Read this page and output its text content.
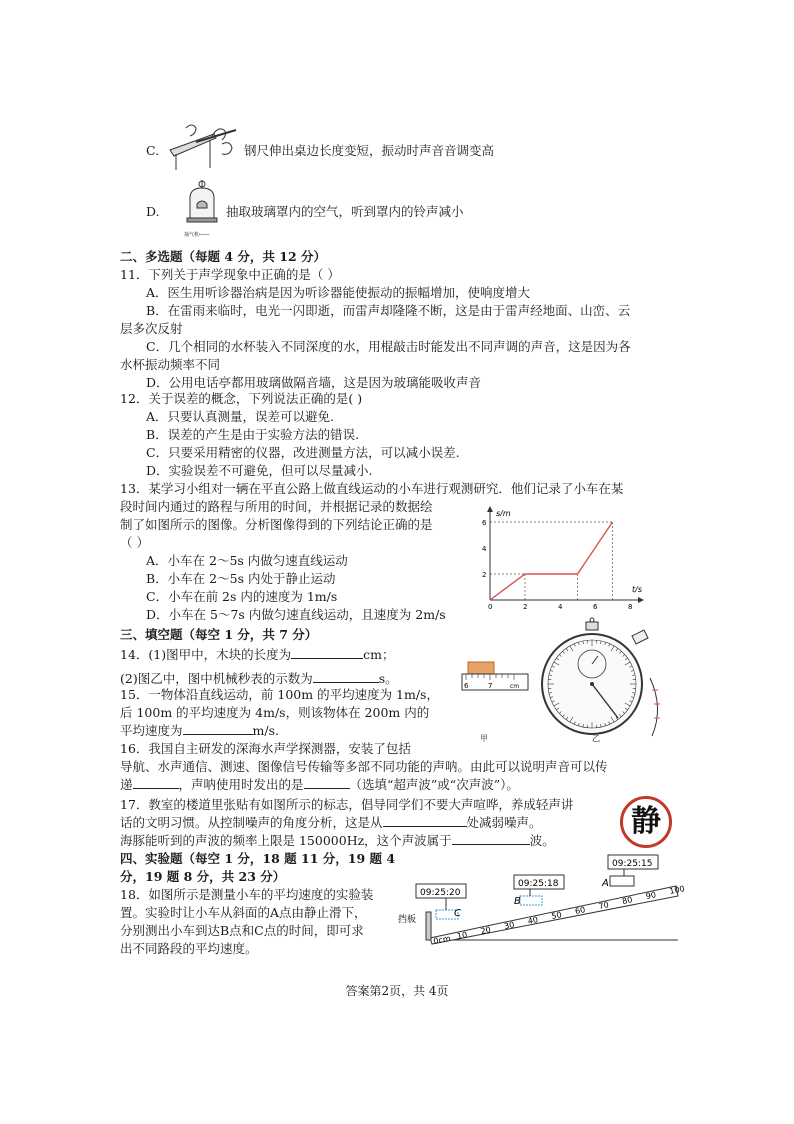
C.	钢尺伸出桌边长度变短，振动时声音音调变高
D.
抽气机←──
抽取玻璃罩内的空气，听到罩内的铃声减小
二、多选题（每题 4 分，共 12 分）
11．下列关于声学现象中正确的是（ ）
A．医生用听诊器治病是因为听诊器能使振动的振幅增加，使响度增大
B．在雷雨来临时，电光一闪即逝，而雷声却隆隆不断，这是由于雷声经地面、山峦、云
层多次反射
C．几个相同的水杯装入不同深度的水，用棍敲击时能发出不同声调的声音，这是因为各
水杯振动频率不同
D．公用电话亭都用玻璃做隔音墙，这是因为玻璃能吸收声音
12．关于误差的概念，下列说法正确的是( )
A．只要认真测量，误差可以避免.
B．误差的产生是由于实验方法的错误.
C．只要采用精密的仪器，改进测量方法，可以减小误差.
D．实验误差不可避免，但可以尽量减小.
13．某学习小组对一辆在平直公路上做直线运动的小车进行观测研究．他们记录了小车在某
段时间内通过的路程与所用的时间，并根据记录的数据绘
制了如图所示的图像。分析图像得到的下列结论正确的是
（ ）
A．小车在 2～5s 内做匀速直线运动
B．小车在 2～5s 内处于静止运动
C．小车在前 2s 内的速度为 1m/s
D．小车在 5～7s 内做匀速直线运动，且速度为 2m/s
s/m
t/s
0	2	4	6	8
2
4
6
三、填空题（每空 1 分，共 7 分）
14．(1)图甲中，木块的长度为	cm；
(2)图乙中，图中机械秒表的示数为	s。	6	7	cm
甲	乙
15．一物体沿直线运动，前 100m 的平均速度为 1m/s，
后 100m 的平均速度为 4m/s，则该物体在 200m 内的
平均速度为	m/s.
16．我国自主研发的深海水声学探测器，安装了包括
导航、水声通信、测速、图像信号传输等多部不同功能的声呐。由此可以说明声音可以传
递	，声呐使用时发出的是	（选填“超声波”或“次声波”）。
17．教室的楼道里张贴有如图所示的标志，倡导同学们不要大声喧哗，养成轻声讲
话的文明习惯。从控制噪声的角度分析，这是从	处减弱噪声。
海豚能听到的声波的频率上限是 150000Hz，这个声波属于	波。
静
四、实验题（每空 1 分，18 题 11 分，19 题 4
分，19 题 8 分，共 23 分）
18．如图所示是测量小车的平均速度的实验装
置。实验时让小车从斜面的A点由静止滑下，
分别测出小车到达B点和C点的时间，即可求
出不同路段的平均速度。
0cm 10 20 30 40 50 60 70 80 90 100
挡板
A
B
C
09:25:15
09:25:18
09:25:20
答案第2页，共 4页
